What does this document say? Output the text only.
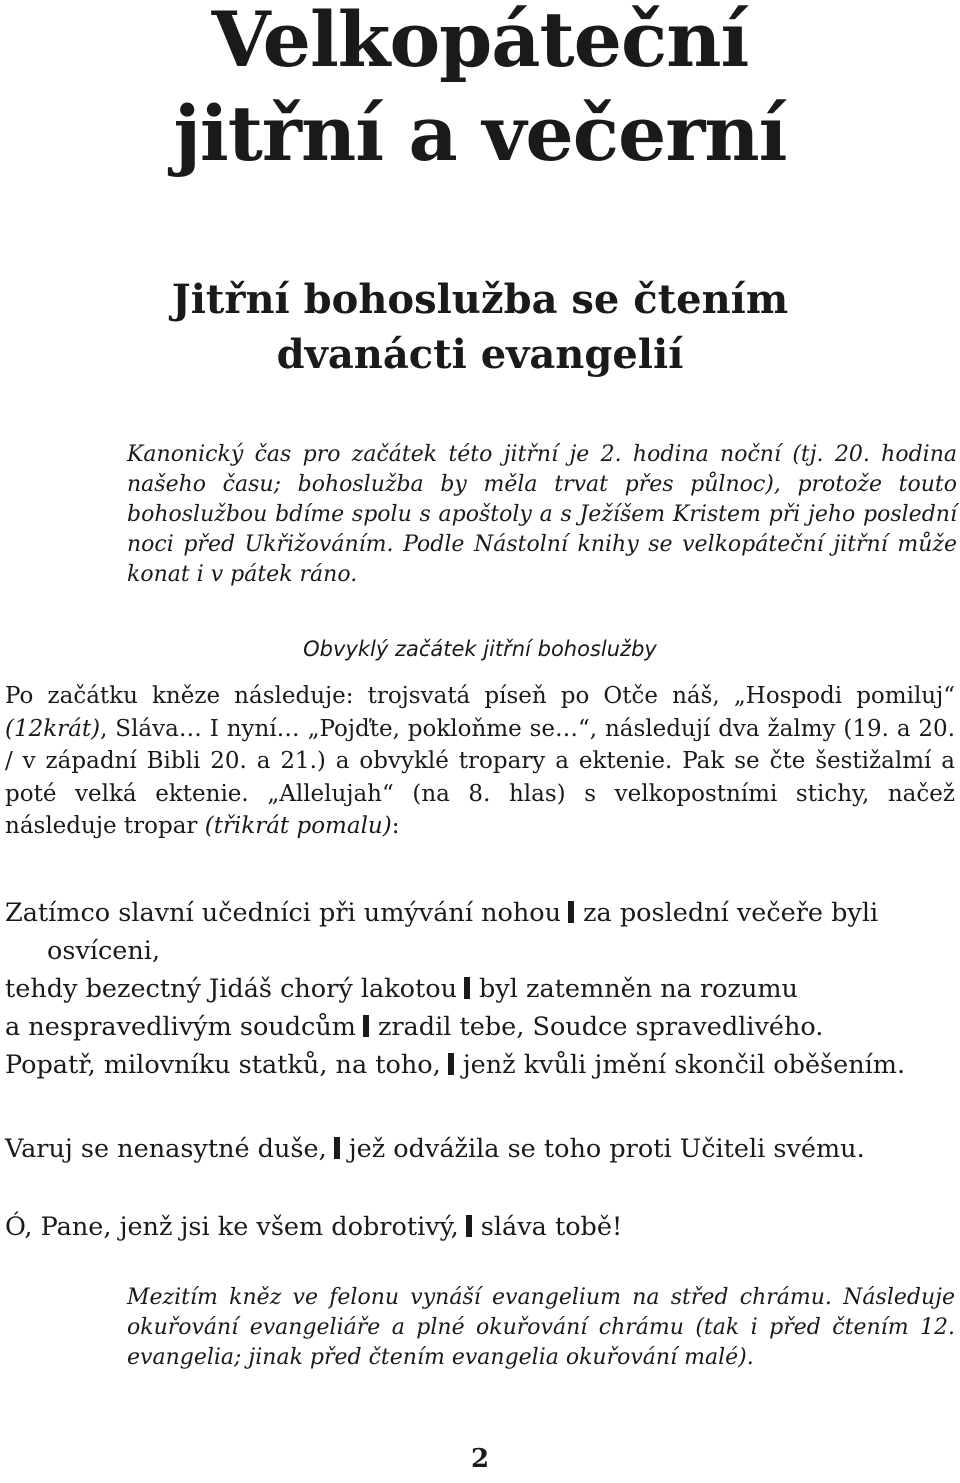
Velkopáteční
jitřní a večerní
Jitřní bohoslužba se čtením
dvanácti evangelií

Kanonický čas pro začátek této jitřní je 2. hodina noční (tj. 20. hodina našeho času; bohoslužba by měla trvat přes půlnoc), protože touto bohoslužbou bdíme spolu s apoštoly a s Ježíšem Kristem při jeho poslední noci před Ukřižováním. Podle Nástolní knihy se velkopáteční jitřní může konat i v pátek ráno.

Obvyklý začátek jitřní bohoslužby

Po začátku kněze následuje: trojsvatá píseň po Otče náš, „Hospodi pomiluj“ (12krát), Sláva… I nyní… „Pojďte, pokloňme se…“, následují dva žalmy (19. a 20. / v západní Bibli 20. a 21.) a obvyklé tropary a ektenie. Pak se čte šestižalmí a poté velká ektenie. „Allelujah“ (na 8. hlas) s velkopostními stichy, načež následuje tropar (třikrát pomalu):

Zatímco slavní učedníci při umývání nohou za poslední večeře byli osvíceni,
tehdy bezectný Jidáš chorý lakotou byl zatemněn na rozumu
a nespravedlivým soudcům zradil tebe, Soudce spravedlivého.
Popatř, milovníku statků, na toho, jenž kvůli jmění skončil oběšením.
Varuj se nenasytné duše, jež odvážila se toho proti Učiteli svému.
Ó, Pane, jenž jsi ke všem dobrotivý, sláva tobě!

Mezitím kněz ve felonu vynáší evangelium na střed chrámu. Následuje okuřování evangeliáře a plné okuřování chrámu (tak i před čtením 12. evangelia; jinak před čtením evangelia okuřování malé).

2
